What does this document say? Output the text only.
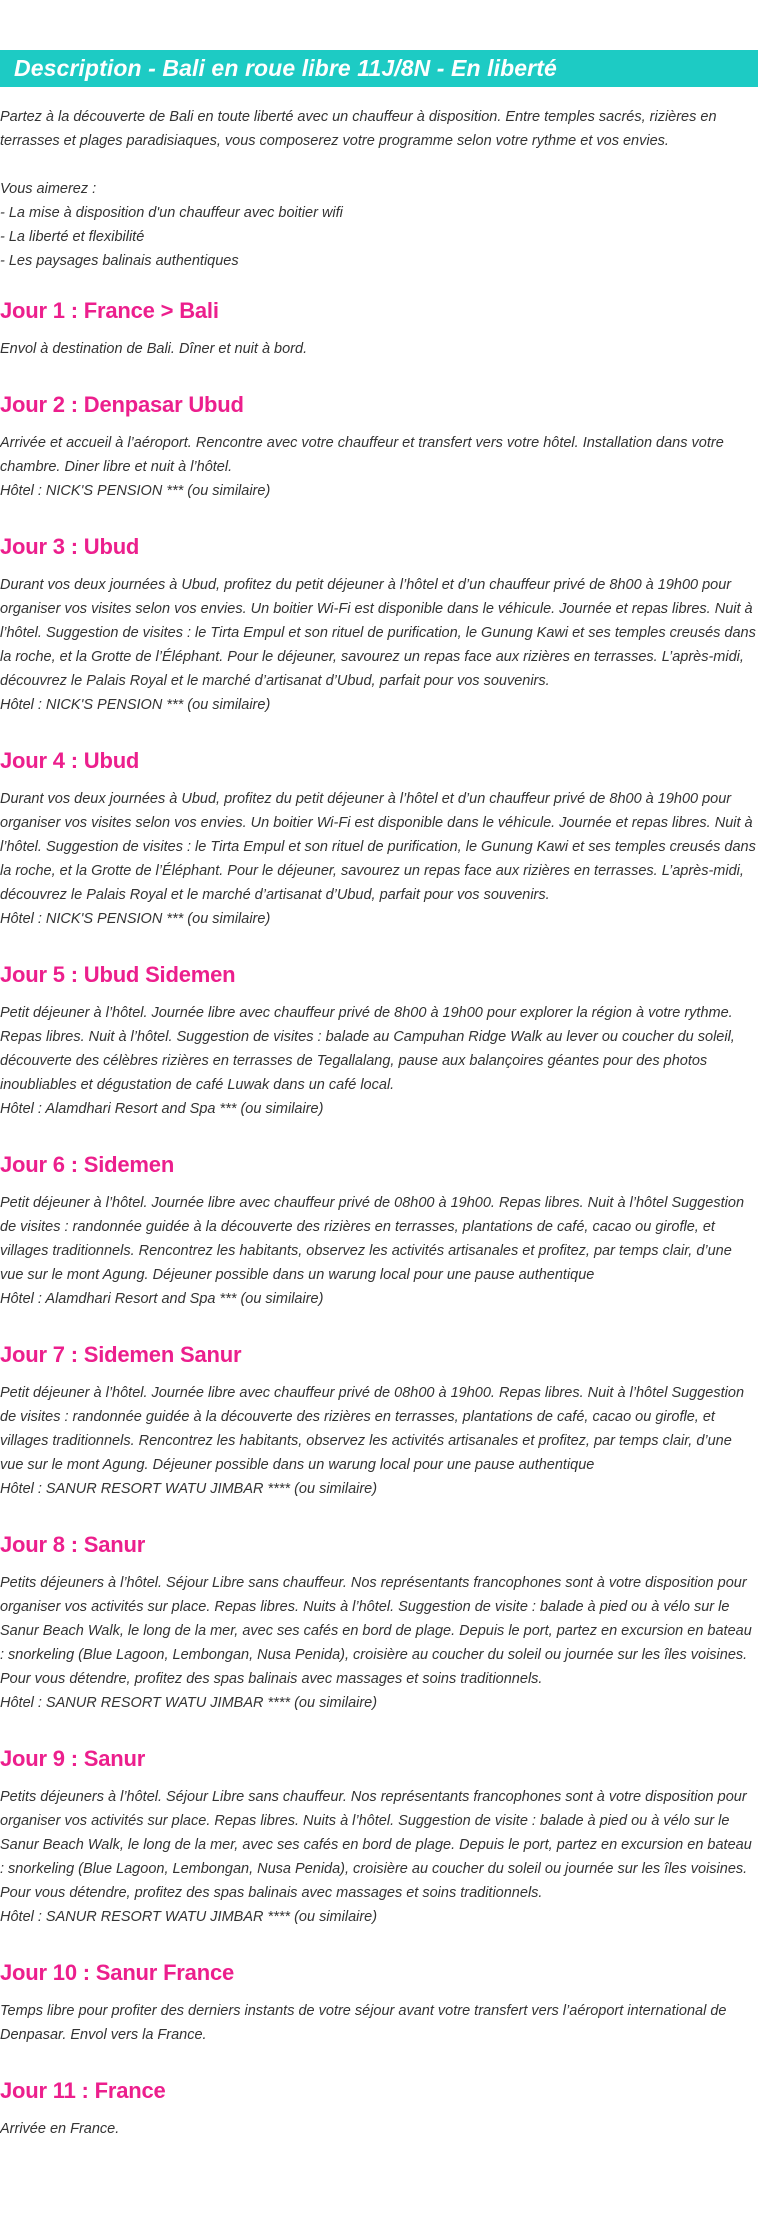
Description - Bali en roue libre 11J/8N - En liberté

Partez à la découverte de Bali en toute liberté avec un chauffeur à disposition. Entre temples sacrés, rizières en terrasses et plages paradisiaques, vous composerez votre programme selon votre rythme et vos envies.

Vous aimerez :

- La mise à disposition d'un chauffeur avec boitier wifi

- La liberté et flexibilité

- Les paysages balinais authentiques

Jour 1 : France > Bali

Envol à destination de Bali. Dîner et nuit à bord.

Jour 2 : Denpasar Ubud

Arrivée et accueil à l’aéroport. Rencontre avec votre chauffeur et transfert vers votre hôtel. Installation dans votre chambre. Diner libre et nuit à l’hôtel.

Hôtel : NICK'S PENSION *** (ou similaire)

Jour 3 : Ubud

Durant vos deux journées à Ubud, profitez du petit déjeuner à l’hôtel et d’un chauffeur privé de 8h00 à 19h00 pour organiser vos visites selon vos envies. Un boitier Wi-Fi est disponible dans le véhicule. Journée et repas libres. Nuit à l’hôtel. Suggestion de visites : le Tirta Empul et son rituel de purification, le Gunung Kawi et ses temples creusés dans la roche, et la Grotte de l’Éléphant. Pour le déjeuner, savourez un repas face aux rizières en terrasses. L’après-midi, découvrez le Palais Royal et le marché d’artisanat d’Ubud, parfait pour vos souvenirs.

Hôtel : NICK'S PENSION *** (ou similaire)

Jour 4 : Ubud

Durant vos deux journées à Ubud, profitez du petit déjeuner à l’hôtel et d’un chauffeur privé de 8h00 à 19h00 pour organiser vos visites selon vos envies. Un boitier Wi-Fi est disponible dans le véhicule. Journée et repas libres. Nuit à l’hôtel. Suggestion de visites : le Tirta Empul et son rituel de purification, le Gunung Kawi et ses temples creusés dans la roche, et la Grotte de l’Éléphant. Pour le déjeuner, savourez un repas face aux rizières en terrasses. L’après-midi, découvrez le Palais Royal et le marché d’artisanat d’Ubud, parfait pour vos souvenirs.

Hôtel : NICK'S PENSION *** (ou similaire)

Jour 5 : Ubud Sidemen

Petit déjeuner à l’hôtel. Journée libre avec chauffeur privé de 8h00 à 19h00 pour explorer la région à votre rythme. Repas libres. Nuit à l’hôtel. Suggestion de visites : balade au Campuhan Ridge Walk au lever ou coucher du soleil, découverte des célèbres rizières en terrasses de Tegallalang, pause aux balançoires géantes pour des photos inoubliables et dégustation de café Luwak dans un café local.

Hôtel : Alamdhari Resort and Spa *** (ou similaire)

Jour 6 : Sidemen

Petit déjeuner à l’hôtel. Journée libre avec chauffeur privé de 08h00 à 19h00. Repas libres. Nuit à l’hôtel Suggestion de visites : randonnée guidée à la découverte des rizières en terrasses, plantations de café, cacao ou girofle, et villages traditionnels. Rencontrez les habitants, observez les activités artisanales et profitez, par temps clair, d’une vue sur le mont Agung. Déjeuner possible dans un warung local pour une pause authentique

Hôtel : Alamdhari Resort and Spa *** (ou similaire)

Jour 7 : Sidemen Sanur

Petit déjeuner à l’hôtel. Journée libre avec chauffeur privé de 08h00 à 19h00. Repas libres. Nuit à l’hôtel Suggestion de visites : randonnée guidée à la découverte des rizières en terrasses, plantations de café, cacao ou girofle, et villages traditionnels. Rencontrez les habitants, observez les activités artisanales et profitez, par temps clair, d’une vue sur le mont Agung. Déjeuner possible dans un warung local pour une pause authentique

Hôtel : SANUR RESORT WATU JIMBAR **** (ou similaire)

Jour 8 : Sanur

Petits déjeuners à l’hôtel. Séjour Libre sans chauffeur. Nos représentants francophones sont à votre disposition pour organiser vos activités sur place. Repas libres. Nuits à l’hôtel. Suggestion de visite : balade à pied ou à vélo sur le Sanur Beach Walk, le long de la mer, avec ses cafés en bord de plage. Depuis le port, partez en excursion en bateau : snorkeling (Blue Lagoon, Lembongan, Nusa Penida), croisière au coucher du soleil ou journée sur les îles voisines. Pour vous détendre, profitez des spas balinais avec massages et soins traditionnels.

Hôtel : SANUR RESORT WATU JIMBAR **** (ou similaire)

Jour 9 : Sanur

Petits déjeuners à l’hôtel. Séjour Libre sans chauffeur. Nos représentants francophones sont à votre disposition pour organiser vos activités sur place. Repas libres. Nuits à l’hôtel. Suggestion de visite : balade à pied ou à vélo sur le Sanur Beach Walk, le long de la mer, avec ses cafés en bord de plage. Depuis le port, partez en excursion en bateau : snorkeling (Blue Lagoon, Lembongan, Nusa Penida), croisière au coucher du soleil ou journée sur les îles voisines. Pour vous détendre, profitez des spas balinais avec massages et soins traditionnels.

Hôtel : SANUR RESORT WATU JIMBAR **** (ou similaire)

Jour 10 : Sanur France

Temps libre pour profiter des derniers instants de votre séjour avant votre transfert vers l’aéroport international de Denpasar. Envol vers la France.

Jour 11 : France

Arrivée en France.
